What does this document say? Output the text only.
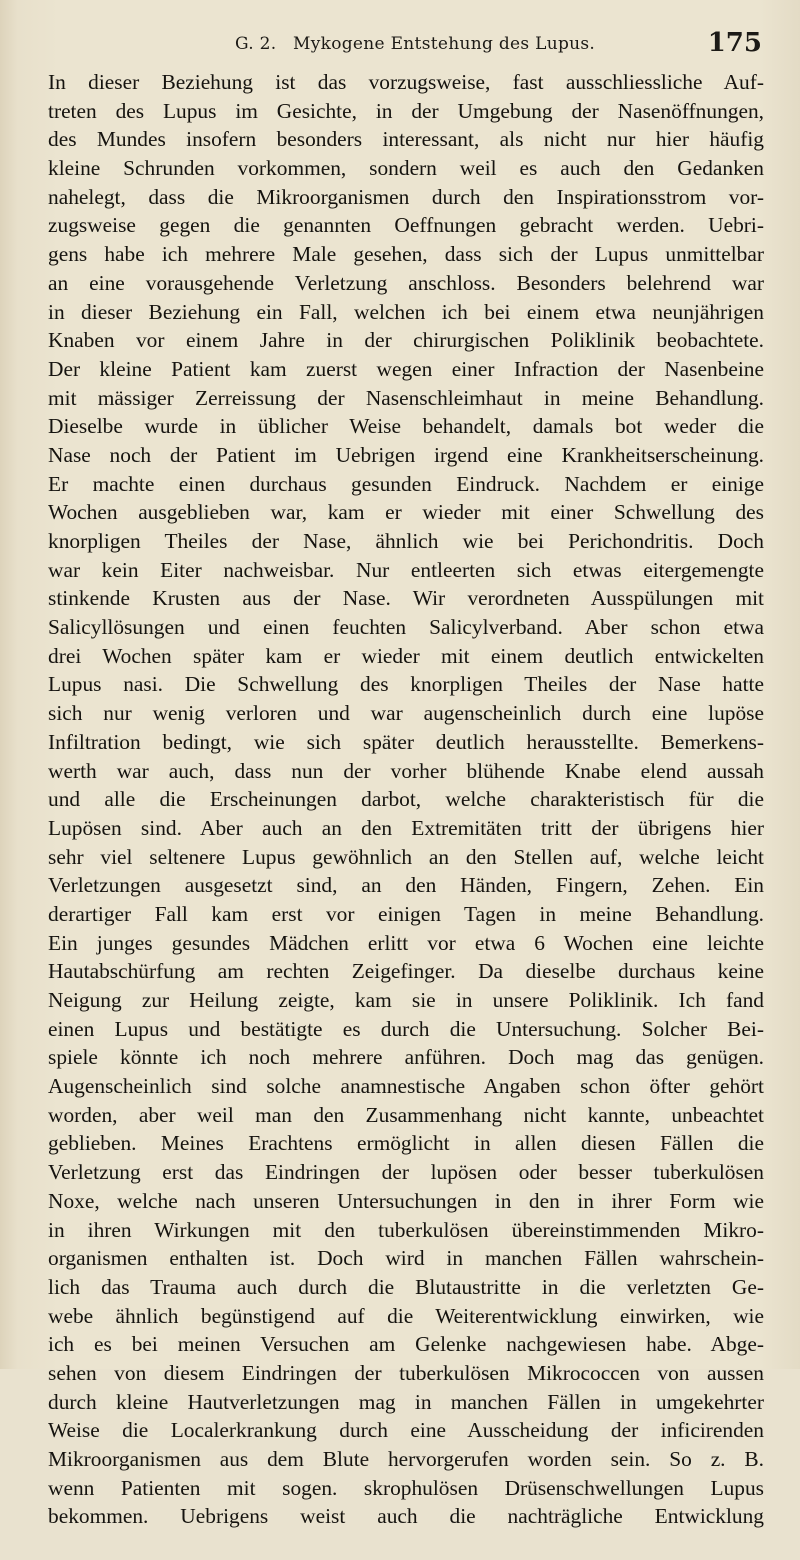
G. 2. Mykogene Entstehung des Lupus.	175
In dieser Beziehung ist das vorzugsweise, fast ausschliessliche Auf-
treten des Lupus im Gesichte, in der Umgebung der Nasenöffnungen,
des Mundes insofern besonders interessant, als nicht nur hier häufig
kleine Schrunden vorkommen, sondern weil es auch den Gedanken
nahelegt, dass die Mikroorganismen durch den Inspirationsstrom vor-
zugsweise gegen die genannten Oeffnungen gebracht werden. Uebri-
gens habe ich mehrere Male gesehen, dass sich der Lupus unmittelbar
an eine vorausgehende Verletzung anschloss. Besonders belehrend war
in dieser Beziehung ein Fall, welchen ich bei einem etwa neunjährigen
Knaben vor einem Jahre in der chirurgischen Poliklinik beobachtete.
Der kleine Patient kam zuerst wegen einer Infraction der Nasenbeine
mit mässiger Zerreissung der Nasenschleimhaut in meine Behandlung.
Dieselbe wurde in üblicher Weise behandelt, damals bot weder die
Nase noch der Patient im Uebrigen irgend eine Krankheitserscheinung.
Er machte einen durchaus gesunden Eindruck. Nachdem er einige
Wochen ausgeblieben war, kam er wieder mit einer Schwellung des
knorpligen Theiles der Nase, ähnlich wie bei Perichondritis. Doch
war kein Eiter nachweisbar. Nur entleerten sich etwas eitergemengte
stinkende Krusten aus der Nase. Wir verordneten Ausspülungen mit
Salicyllösungen und einen feuchten Salicylverband. Aber schon etwa
drei Wochen später kam er wieder mit einem deutlich entwickelten
Lupus nasi. Die Schwellung des knorpligen Theiles der Nase hatte
sich nur wenig verloren und war augenscheinlich durch eine lupöse
Infiltration bedingt, wie sich später deutlich herausstellte. Bemerkens-
werth war auch, dass nun der vorher blühende Knabe elend aussah
und alle die Erscheinungen darbot, welche charakteristisch für die
Lupösen sind. Aber auch an den Extremitäten tritt der übrigens hier
sehr viel seltenere Lupus gewöhnlich an den Stellen auf, welche leicht
Verletzungen ausgesetzt sind, an den Händen, Fingern, Zehen. Ein
derartiger Fall kam erst vor einigen Tagen in meine Behandlung.
Ein junges gesundes Mädchen erlitt vor etwa 6 Wochen eine leichte
Hautabschürfung am rechten Zeigefinger. Da dieselbe durchaus keine
Neigung zur Heilung zeigte, kam sie in unsere Poliklinik. Ich fand
einen Lupus und bestätigte es durch die Untersuchung. Solcher Bei-
spiele könnte ich noch mehrere anführen. Doch mag das genügen.
Augenscheinlich sind solche anamnestische Angaben schon öfter gehört
worden, aber weil man den Zusammenhang nicht kannte, unbeachtet
geblieben. Meines Erachtens ermöglicht in allen diesen Fällen die
Verletzung erst das Eindringen der lupösen oder besser tuberkulösen
Noxe, welche nach unseren Untersuchungen in den in ihrer Form wie
in ihren Wirkungen mit den tuberkulösen übereinstimmenden Mikro-
organismen enthalten ist. Doch wird in manchen Fällen wahrschein-
lich das Trauma auch durch die Blutaustritte in die verletzten Ge-
webe ähnlich begünstigend auf die Weiterentwicklung einwirken, wie
ich es bei meinen Versuchen am Gelenke nachgewiesen habe. Abge-
sehen von diesem Eindringen der tuberkulösen Mikrococcen von aussen
durch kleine Hautverletzungen mag in manchen Fällen in umgekehrter
Weise die Localerkrankung durch eine Ausscheidung der inficirenden
Mikroorganismen aus dem Blute hervorgerufen worden sein. So z. B.
wenn Patienten mit sogen. skrophulösen Drüsenschwellungen Lupus
bekommen. Uebrigens weist auch die nachträgliche Entwicklung
